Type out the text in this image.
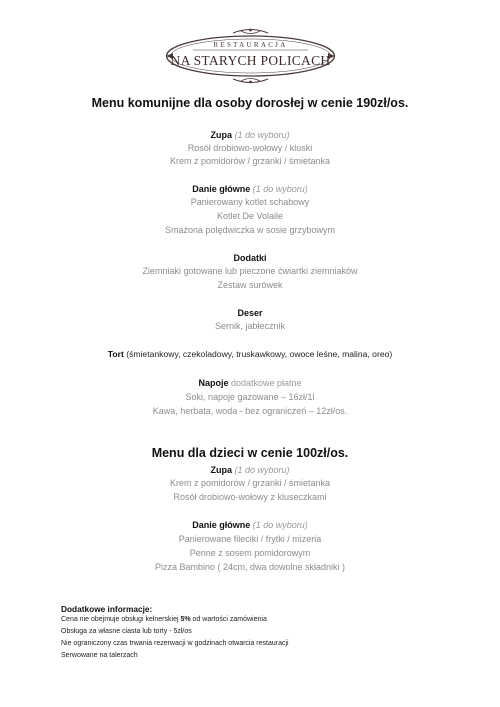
RESTAURACJA
NA STARYCH POLICACH
Menu komunijne dla osoby dorosłej w cenie 190zł/os.
Zupa (1 do wyboru)
Rosół drobiowo-wołowy / kluski
Krem z pomidorów / grzanki / śmietanka
Danie główne (1 do wyboru)
Panierowany kotlet schabowy
Kotlet De Volaile
Smażona polędwiczka w sosie grzybowym
Dodatki
Ziemniaki gotowane lub pieczone ćwiartki ziemniaków
Zestaw surówek
Deser
Sernik, jabłecznik
Tort (śmietankowy, czekoladowy, truskawkowy, owoce leśne, malina, oreo)
Napoje dodatkowe płatne
Soki, napoje gazowane – 16zł/1l
Kawa, herbata, woda - bez ograniczeń – 12zł/os.
Menu dla dzieci w cenie 100zł/os.
Zupa (1 do wyboru)
Krem z pomidorów / grzanki / śmietanka
Rosół drobiowo-wołowy z kluseczkami
Danie główne (1 do wyboru)
Panierowane fileciki / frytki / mizeria
Penne z sosem pomidorowym
Pizza Bambino ( 24cm, dwa dowolne składniki )
Dodatkowe informacje:
Cena nie obejmuje obsługi kelnerskiej 5% od wartości zamówienia
Obsługa za własne ciasta lub torty - 5zł/os
Nie ograniczony czas trwania rezerwacji w godzinach otwarcia restauracji
Serwowane na talerzach
